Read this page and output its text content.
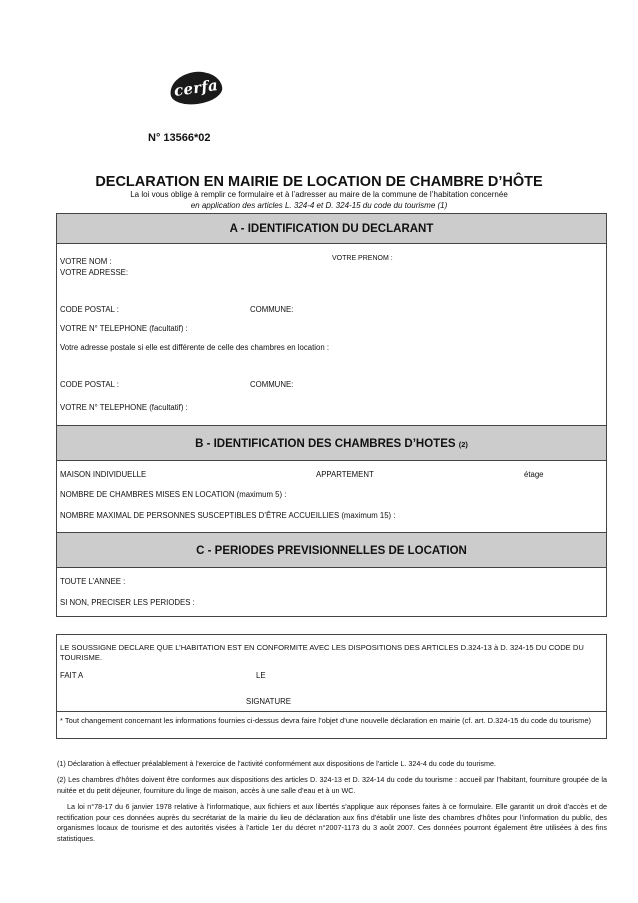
cerfa
N° 13566*02
DECLARATION EN MAIRIE DE LOCATION DE CHAMBRE D’HÔTE
La loi vous oblige à remplir ce formulaire et à l’adresser au maire de la commune de l’habitation concernée
en application des articles L. 324-4 et D. 324-15 du code du tourisme (1)
A - IDENTIFICATION DU DECLARANT
VOTRE NOM :	VOTRE PRENOM :
VOTRE ADRESSE:
CODE POSTAL :	COMMUNE:
VOTRE N° TELEPHONE (facultatif) :
Votre adresse postale si elle est différente de celle des chambres en location :
CODE POSTAL :	COMMUNE:
VOTRE N° TELEPHONE (facultatif) :
B - IDENTIFICATION DES CHAMBRES D’HOTES (2)
MAISON INDIVIDUELLE	APPARTEMENT	étage
NOMBRE DE CHAMBRES MISES EN LOCATION (maximum 5) :
NOMBRE MAXIMAL DE PERSONNES SUSCEPTIBLES D’ÊTRE ACCUEILLIES (maximum 15) :
C - PERIODES PREVISIONNELLES DE LOCATION
TOUTE L’ANNEE :
SI NON, PRECISER LES PERIODES :
LE SOUSSIGNE DECLARE QUE L’HABITATION EST EN CONFORMITE AVEC LES DISPOSITIONS DES ARTICLES D.324-13 à D. 324-15 DU CODE DU TOURISME.
FAIT A	LE
SIGNATURE
* Tout changement concernant les informations fournies ci-dessus devra faire l’objet d’une nouvelle déclaration en mairie (cf. art. D.324-15 du code du tourisme)
(1) Déclaration à effectuer préalablement à l’exercice de l’activité conformément aux dispositions de l’article L. 324-4 du code du tourisme.
(2) Les chambres d’hôtes doivent être conformes aux dispositions des articles D. 324-13 et D. 324-14 du code du tourisme : accueil par l’habitant, fourniture groupée de la nuitée et du petit déjeuner, fourniture du linge de maison, accès à une salle d’eau et à un WC.
La loi n°78-17 du 6 janvier 1978 relative à l’informatique, aux fichiers et aux libertés s’applique aux réponses faites à ce formulaire. Elle garantit un droit d’accès et de rectification pour ces données auprès du secrétariat de la mairie du lieu de déclaration aux fins d’établir une liste des chambres d’hôtes pour l’information du public, des organismes locaux de tourisme et des autorités visées à l’article 1er du décret n°2007-1173 du 3 août 2007. Ces données pourront également être utilisées à des fins statistiques.
